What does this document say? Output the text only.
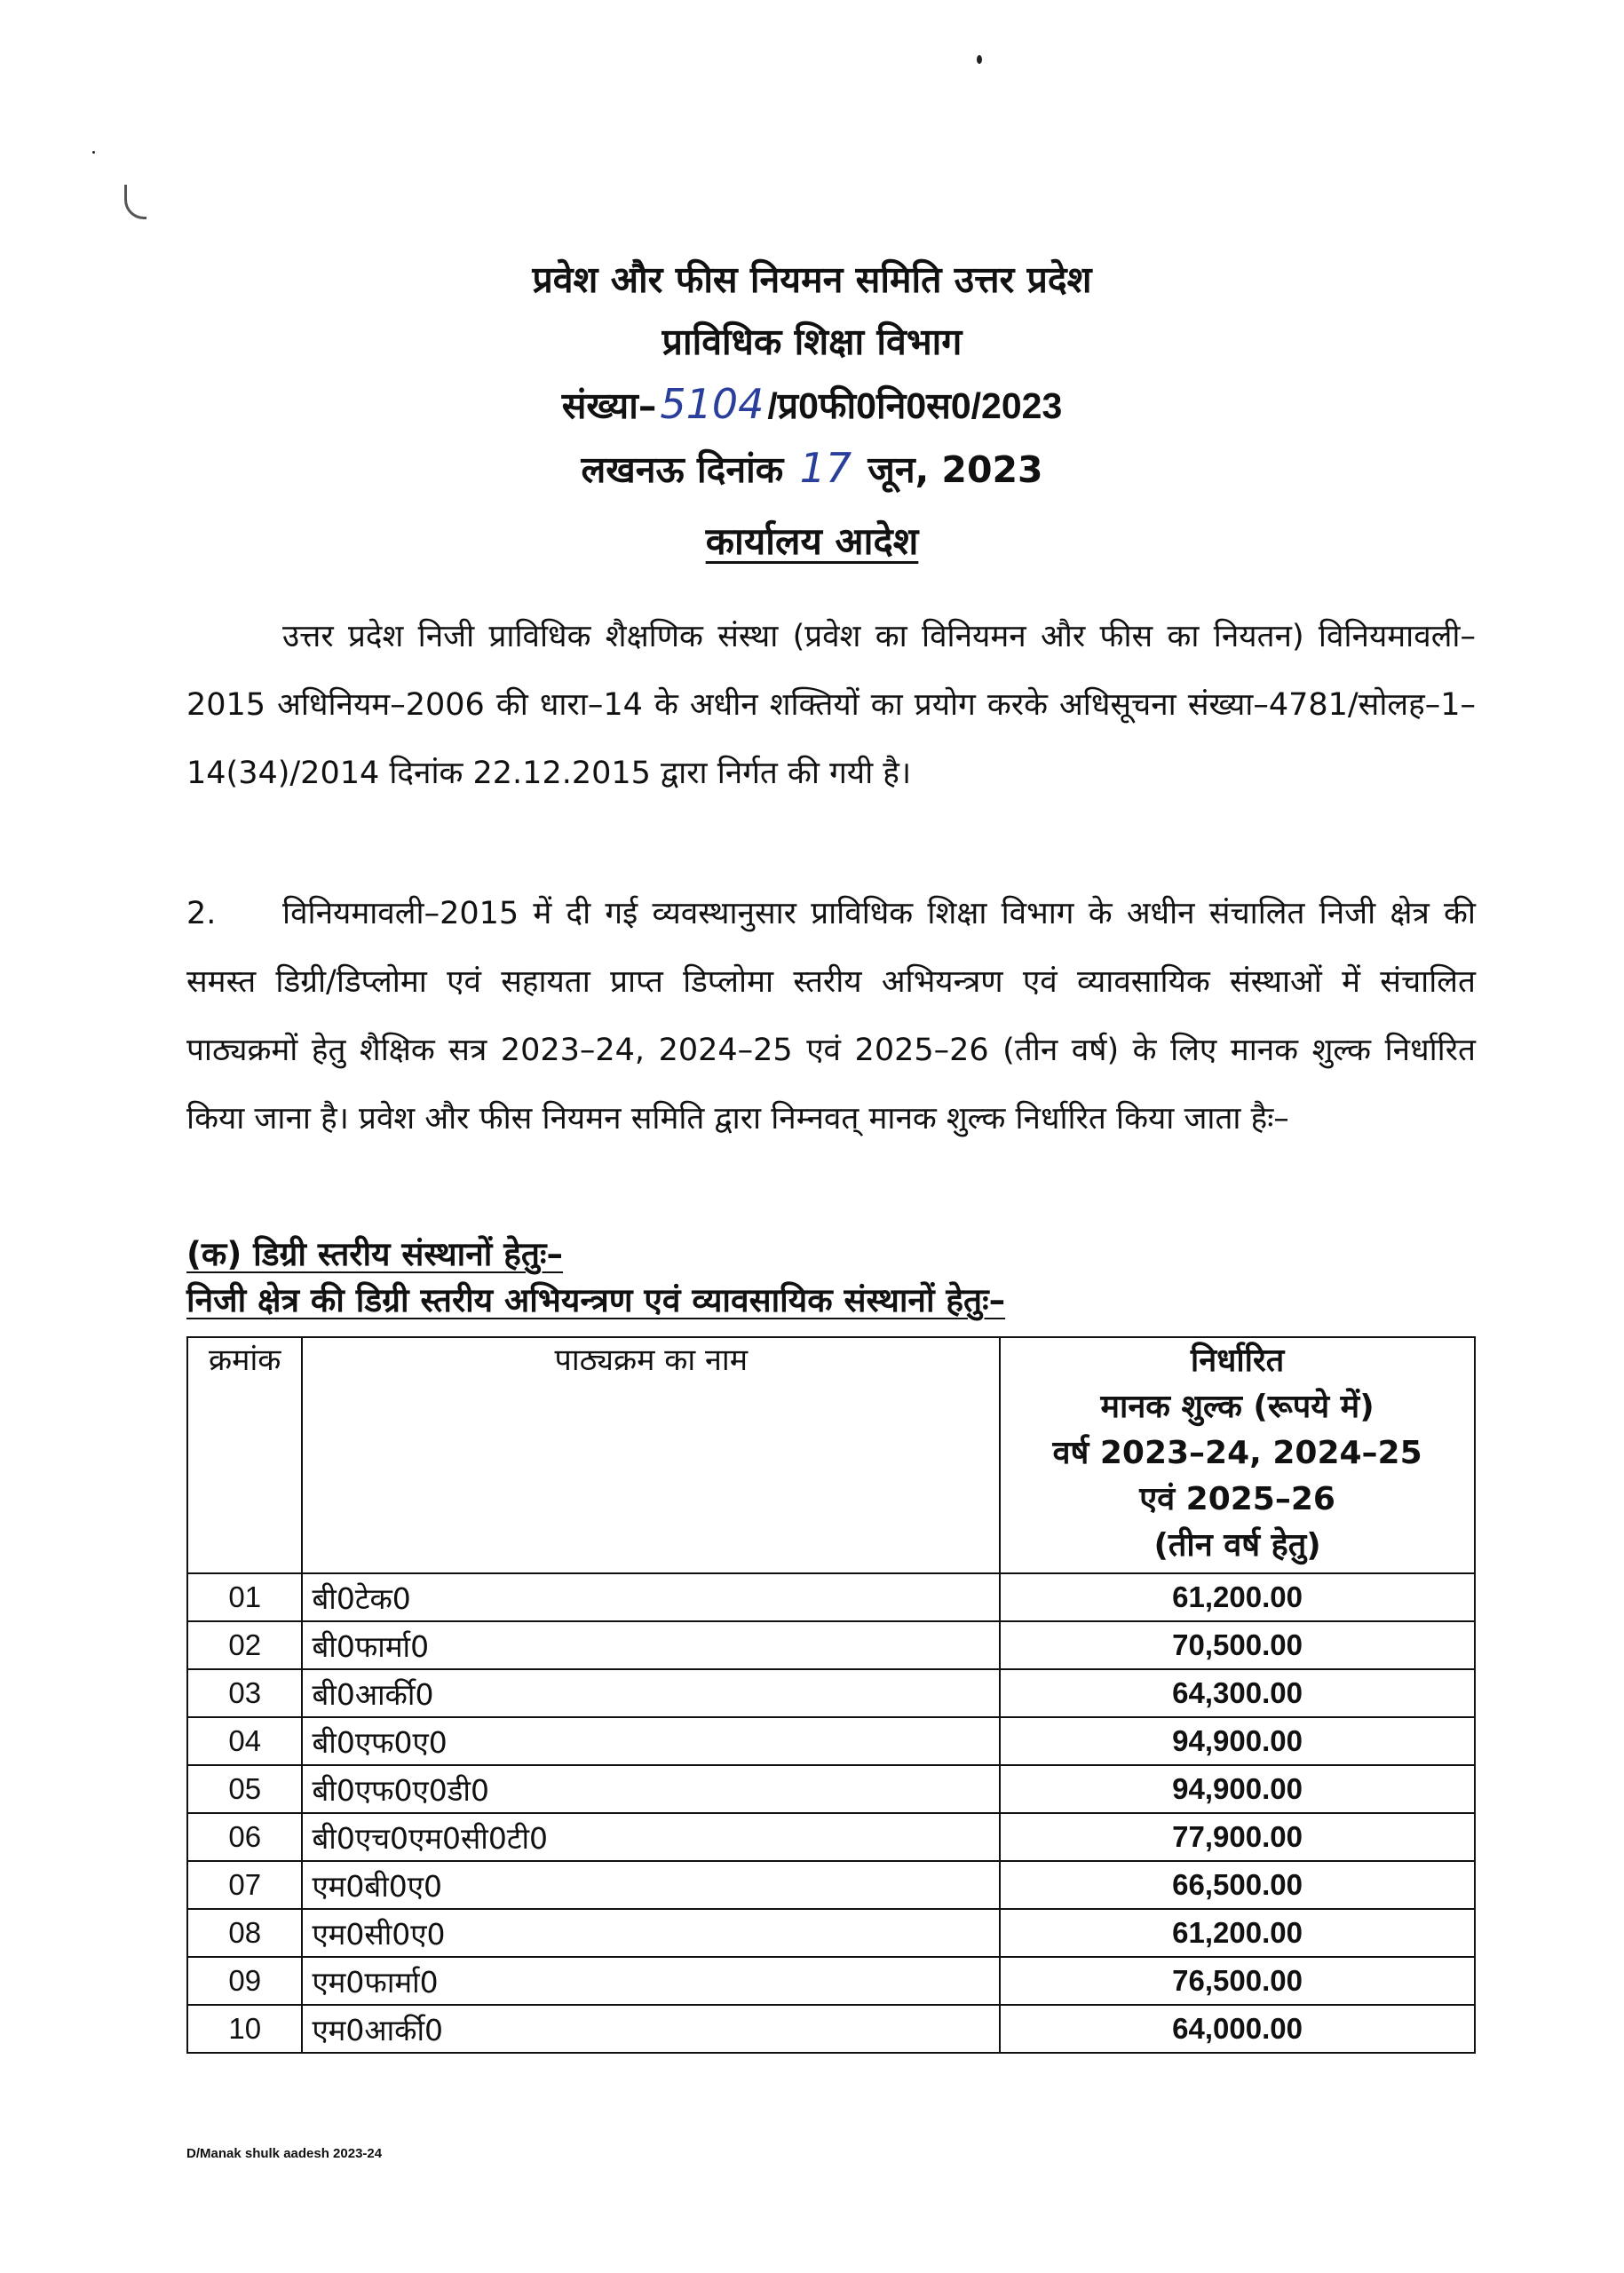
प्रवेश और फीस नियमन समिति उत्तर प्रदेश
प्राविधिक शिक्षा विभाग
संख्या–5104/प्र0फी0नि0स0/2023
लखनऊ दिनांक 17 जून, 2023
कार्यालय आदेश
उत्तर प्रदेश निजी प्राविधिक शैक्षणिक संस्था (प्रवेश का विनियमन और फीस का नियतन) विनियमावली–2015 अधिनियम–2006 की धारा–14 के अधीन शक्तियों का प्रयोग करके अधिसूचना संख्या–4781/सोलह–1–14(34)/2014 दिनांक 22.12.2015 द्वारा निर्गत की गयी है।
2. विनियमावली–2015 में दी गई व्यवस्थानुसार प्राविधिक शिक्षा विभाग के अधीन संचालित निजी क्षेत्र की समस्त डिग्री/डिप्लोमा एवं सहायता प्राप्त डिप्लोमा स्तरीय अभियन्त्रण एवं व्यावसायिक संस्थाओं में संचालित पाठ्यक्रमों हेतु शैक्षिक सत्र 2023–24, 2024–25 एवं 2025–26 (तीन वर्ष) के लिए मानक शुल्क निर्धारित किया जाना है। प्रवेश और फीस नियमन समिति द्वारा निम्नवत् मानक शुल्क निर्धारित किया जाता हैः–
(क) डिग्री स्तरीय संस्थानों हेतुः–
निजी क्षेत्र की डिग्री स्तरीय अभियन्त्रण एवं व्यावसायिक संस्थानों हेतुः–
क्रमांक	पाठ्यक्रम का नाम	निर्धारित
मानक शुल्क (रूपये में)
वर्ष 2023–24, 2024–25
एवं 2025–26
(तीन वर्ष हेतु)

01	बी0टेक0	61,200.00
02	बी0फार्मा0	70,500.00
03	बी0आर्की0	64,300.00
04	बी0एफ0ए0	94,900.00
05	बी0एफ0ए0डी0	94,900.00
06	बी0एच0एम0सी0टी0	77,900.00
07	एम0बी0ए0	66,500.00
08	एम0सी0ए0	61,200.00
09	एम0फार्मा0	76,500.00
10	एम0आर्की0	64,000.00
D/Manak shulk aadesh 2023-24
